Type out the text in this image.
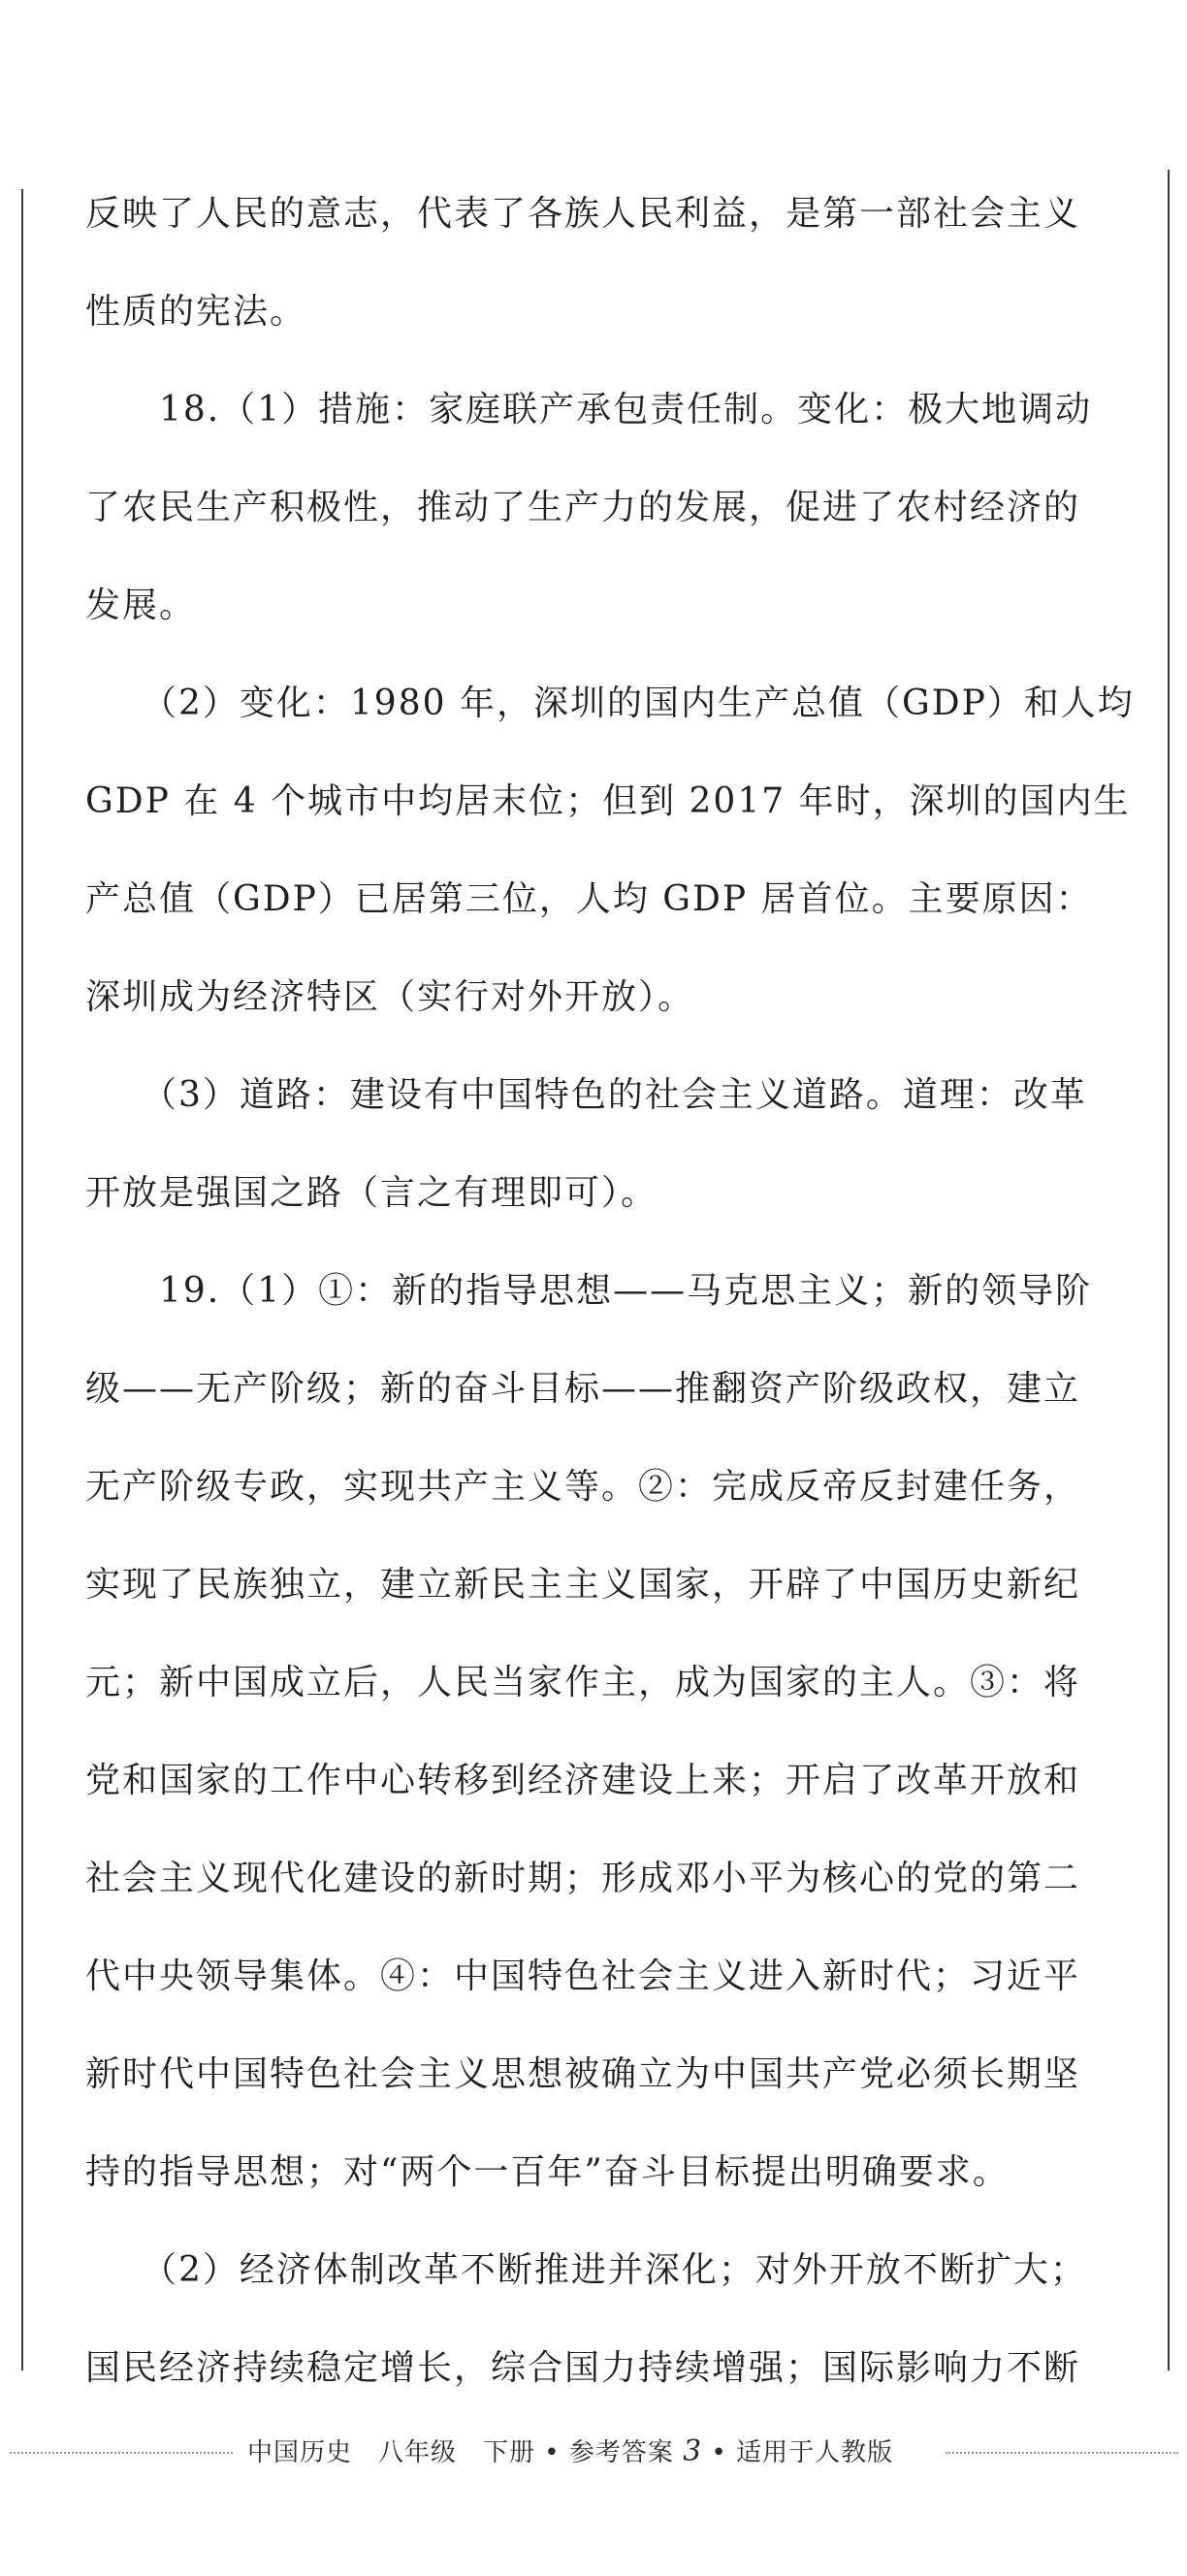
反映了人民的意志，代表了各族人民利益，是第一部社会主义
性质的宪法。
　　18.（1）措施：家庭联产承包责任制。变化：极大地调动
了农民生产积极性，推动了生产力的发展，促进了农村经济的
发展。
　　（2）变化：1980 年，深圳的国内生产总值（GDP）和人均
GDP 在 4 个城市中均居末位；但到 2017 年时，深圳的国内生
产总值（GDP）已居第三位，人均 GDP 居首位。主要原因：
深圳成为经济特区（实行对外开放）。
　　（3）道路：建设有中国特色的社会主义道路。道理：改革
开放是强国之路（言之有理即可）。
　　19.（1）①：新的指导思想——马克思主义；新的领导阶
级——无产阶级；新的奋斗目标——推翻资产阶级政权，建立
无产阶级专政，实现共产主义等。②：完成反帝反封建任务，
实现了民族独立，建立新民主主义国家，开辟了中国历史新纪
元；新中国成立后，人民当家作主，成为国家的主人。③：将
党和国家的工作中心转移到经济建设上来；开启了改革开放和
社会主义现代化建设的新时期；形成邓小平为核心的党的第二
代中央领导集体。④：中国特色社会主义进入新时代；习近平
新时代中国特色社会主义思想被确立为中国共产党必须长期坚
持的指导思想；对“两个一百年”奋斗目标提出明确要求。
　　（2）经济体制改革不断推进并深化；对外开放不断扩大；
国民经济持续稳定增长，综合国力持续增强；国际影响力不断
中国历史　八年级　下册 • 参考答案 3 • 适用于人教版
